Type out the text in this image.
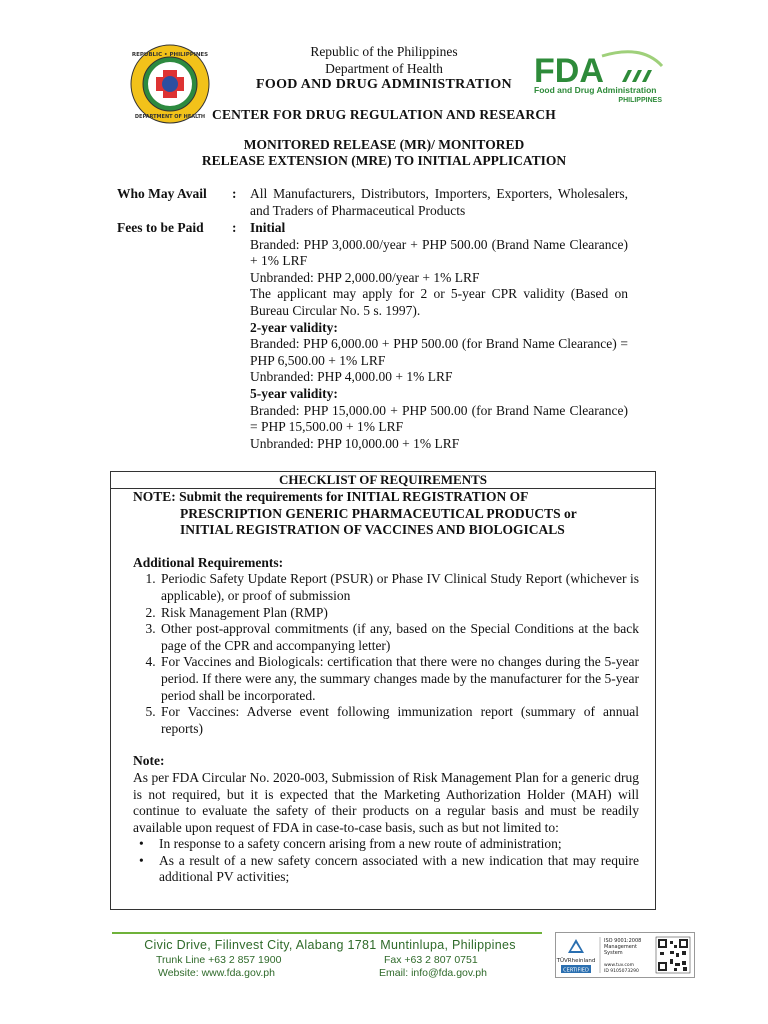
REPUBLIC • PHILIPPINES
DEPARTMENT OF HEALTH
FDA
Food and Drug Administration
PHILIPPINES
Republic of the Philippines
Department of Health
FOOD AND DRUG ADMINISTRATION
CENTER FOR DRUG REGULATION AND RESEARCH
MONITORED RELEASE (MR)/ MONITORED
RELEASE EXTENSION (MRE) TO INITIAL APPLICATION
Who May Avail : All Manufacturers, Distributors, Importers, Exporters, Wholesalers, and Traders of Pharmaceutical Products

Fees to be Paid : Initial

Branded: PHP 3,000.00/year + PHP 500.00 (Brand Name Clearance) + 1% LRF

Unbranded: PHP 2,000.00/year + 1% LRF

The applicant may apply for 2 or 5-year CPR validity (Based on Bureau Circular No. 5 s. 1997).

2-year validity:

Branded: PHP 6,000.00 + PHP 500.00 (for Brand Name Clearance) = PHP 6,500.00 + 1% LRF

Unbranded: PHP 4,000.00 + 1% LRF

5-year validity:

Branded: PHP 15,000.00 + PHP 500.00 (for Brand Name Clearance) = PHP 15,500.00 + 1% LRF

Unbranded: PHP 10,000.00 + 1% LRF

CHECKLIST OF REQUIREMENTS

NOTE: Submit the requirements for INITIAL REGISTRATION OF
PRESCRIPTION GENERIC PHARMACEUTICAL PRODUCTS or
INITIAL REGISTRATION OF VACCINES AND BIOLOGICALS

Additional Requirements:

1. Periodic Safety Update Report (PSUR) or Phase IV Clinical Study Report (whichever is applicable), or proof of submission
2. Risk Management Plan (RMP)
3. Other post-approval commitments (if any, based on the Special Conditions at the back page of the CPR and accompanying letter)
4. For Vaccines and Biologicals: certification that there were no changes during the 5-year period. If there were any, the summary changes made by the manufacturer for the 5-year period shall be incorporated.
5. For Vaccines: Adverse event following immunization report (summary of annual reports)

Note:

As per FDA Circular No. 2020-003, Submission of Risk Management Plan for a generic drug is not required, but it is expected that the Marketing Authorization Holder (MAH) will continue to evaluate the safety of their products on a regular basis and must be readily available upon request of FDA in case-to-case basis, such as but not limited to:

• In response to a safety concern arising from a new route of administration;
• As a result of a new safety concern associated with a new indication that may require additional PV activities;
Civic Drive, Filinvest City, Alabang 1781 Muntinlupa, Philippines
Trunk Line +63 2 857 1900	Fax +63 2 807 0751
Website: www.fda.gov.ph	Email: info@fda.gov.ph
TÜVRheinland
CERTIFIED
ISO 9001:2008
Management
System
www.tuv.com
ID 9105073290
